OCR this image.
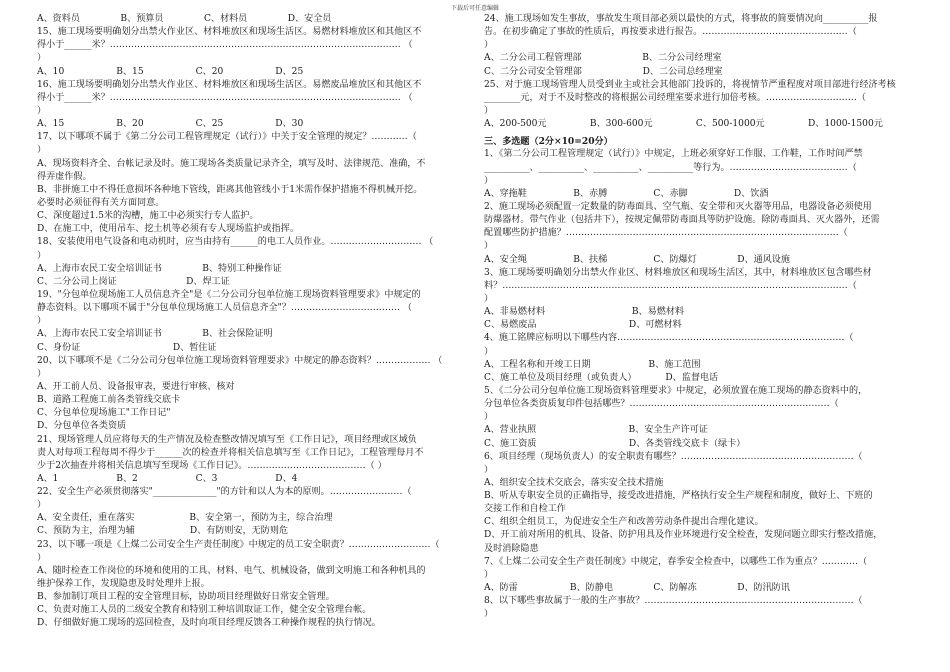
下载后可任意编辑
A、资料员              B、预算员              C、材料员              D、安全员
15、施工现场要明确划分出禁火作业区、材料堆放区和现场生活区。易燃材料堆放区和其他区不
得小于______米？…………………………………………………………………………………… （
）
A、10                  B、15                  C、20                  D、25
16、施工现场要明确划分出禁火作业区、材料堆放区和现场生活区。易燃废品堆放区和其他区不
得小于______米？…………………………………………………………………………………… （
）
A、15                  B、20                  C、25                  D、30
17、以下哪项不属于《第二分公司工程管理规定（试行）》中关于安全管理的规定？…………（
）
A、现场资料齐全、台帐记录及时。施工现场各类质量记录齐全，填写及时、法律规范、准确，不
得弄虚作假。
B、非拼施工中不得任意损坏各种地下管线，距离其他管线小于1米需作保护措施不得机械开挖。
必要时必须征得有关方面同意。
C、深度超过1.5米的沟槽，施工中必须实行专人监护。
D、在施工中，使用吊车、挖土机等必须有专人现场监护或指挥。
18、安装使用电气设备和电动机时，应当由持有______的电工人员作业。………………………… （
）
A、上海市农民工安全培训证书              B、特别工种操作证
C、二分公司上岗证                        D、焊工证
19、"分包单位现场施工人员信息齐全"是《二分公司分包单位施工现场资料管理要求》中规定的
静态资料。以下哪项不属于"分包单位现场施工人员信息齐全"？……………………………… （
）
A、上海市农民工安全培训证书              B、社会保险证明
C、身份证                                D、暂住证
20、以下哪项不是《二分公司分包单位施工现场资料管理要求》中规定的静态资料？……………… （
）
A、开工前人员、设备报审表，要进行审核、核对
B、道路工程施工前各类管线交底卡
C、分包单位现场施工"工作日记"
D、分包单位各类资质
21、现场管理人员应将每天的生产情况及检查整改情况填写至《工作日记》，项目经理或区域负
责人对每项工程每周不得少于______次的检查并将相关信息填写至《工作日记》，工程管理每月不
少于2次抽查并将相关信息填写至现场《工作日记》。…………………………………（ ）
A、1                    B、2                    C、3                    D、4
22、安全生产必须贯彻落实"______________"的方针和以人为本的原则。……………………（
）
A、安全责任，重在落实                   B、安全第一，预防为主，综合治理
C、预防为主，治理为辅                   D、有防则安，无防则危
23、以下哪一项是《上煤二公司安全生产责任制度》中规定的员工安全职责？………………………（
）
A、随时检查工作岗位的环境和使用的工具、材料、电气、机械设备，做到文明施工和各种机具的
维护保养工作，发现隐患及时处理并上报。
B、参加制订项目工程的安全管理目标，协助项目经理做好日常安全管理。
C、负责对施工人员的二级安全教育和特别工种培训取证工作，健全安全管理台帐。
D、仔细做好施工现场的巡回检查，及时向项目经理反馈各工种操作规程的执行情况。
24、施工现场如发生事故，事故发生项目部必须以最快的方式，将事故的简要情况向__________报
告。在初步确定了事故的性质后，再按要求进行报告。…………………………………………（
）
A、二分公司工程管理部                     B、二分公司经理室
C、二分公司安全管理部                     D、二公司总经理室
25、对于施工现场管理人员受到业主或社会其他部门投诉的，将视情节严重程度对项目部进行经济考核
________元，对于不及时整改的将根据公司经理室要求进行加倍考核。…………………………（
）
A、200-500元               B、300-600元               C、500-1000元               D、1000-1500元
三、多选题（2分×10=20分）
1、《第二分公司工程管理规定（试行）》中规定，上班必须穿好工作服、工作鞋，工作时间严禁
__________、__________、__________、__________等行为。…………………………………（
）
A、穿拖鞋                B、赤膊                C、赤脚                D、饮酒
2、施工现场必须配置一定数量的防毒面具、空气瓶、安全带和灭火器等用品，电器设备必须使用
防爆器材。带气作业（包括井下），按规定佩带防毒面具等防护设施。除防毒面具、灭火器外，还需
配置哪些防护措施？………………………………………………………………………………（
）
A、安全绳                B、扶梯                C、防爆灯              D、通风设施
3、施工现场要明确划分出禁火作业区、材料堆放区和现场生活区，其中，材料堆放区包含哪些材
料？……………………………………………………………………………………………………（
）
A、非易燃材料                              B、易燃材料
C、易燃废品                                D、可燃材料
4、施工铭牌应标明以下哪些内容…………………………………………………………………（
）
A、工程名称和开竣工日期                    B、施工范围
C、施工单位及项目经理（或负责人）          D、监督电话
5、《二分公司分包单位施工现场资料管理要求》中规定，必须放置在施工现场的静态资料中的，
分包单位各类资质复印件包括哪些？…………………………………………………………（
）
A、营业执照                                B、安全生产许可证
C、施工资质                                D、各类管线交底卡（绿卡）
6、项目经理（现场负责人）的安全职责有哪些？…………………………………………………（
）
A、组织安全技术交底会，落实安全技术措施
B、听从专职安全员的正确指导，接受改进措施，严格执行安全生产规程和制度，做好上、下班的
交接工作和自检工作
C、组织全组员工，为促进安全生产和改善劳动条件提出合理化建议。
D、开工前对所用的机具、设备、防护用具及作业环境进行安全检查，发现问题立即实行整改措施，
及时消除隐患
7、《上煤二公司安全生产责任制度》中规定，春季安全检查中，以哪些工作为重点？…………（
）
A、防雷                  B、防静电              C、防解冻              D、防汛防讯
8、以下哪些事故属于一般的生产事故？……………………………………………………………（
）
